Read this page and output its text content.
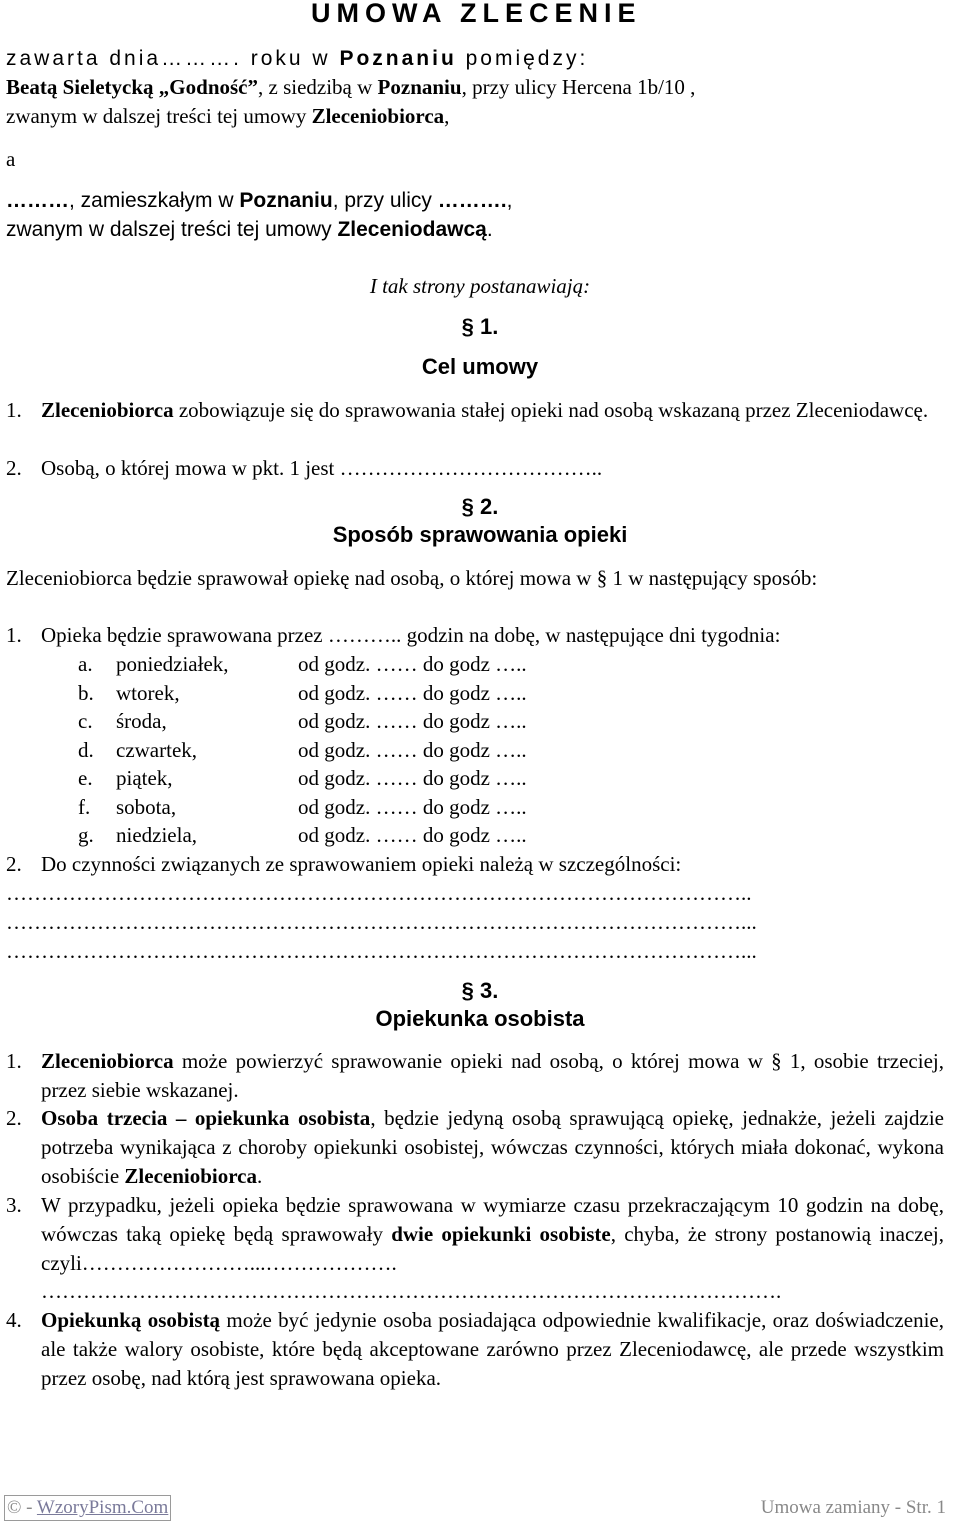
UMOWA ZLECENIE
zawarta dnia………. roku w Poznaniu pomiędzy:
Beatą Sieletycką „Godność”, z siedzibą w Poznaniu, przy ulicy Hercena 1b/10 ,
zwanym w dalszej treści tej umowy Zleceniobiorca,
a
………, zamieszkałym w Poznaniu, przy ulicy ……….,
zwanym w dalszej treści tej umowy Zleceniodawcą.
I tak strony postanawiają:
§ 1.
Cel umowy
1. Zleceniobiorca zobowiązuje się do sprawowania stałej opieki nad osobą wskazaną przez Zleceniodawcę.
2. Osobą, o której mowa w pkt. 1 jest ………………………………..
§ 2.
Sposób sprawowania opieki
Zleceniobiorca będzie sprawował opiekę nad osobą, o której mowa w § 1 w następujący sposób:
1. Opieka będzie sprawowana przez ……….. godzin na dobę, w następujące dni tygodnia:
a. poniedziałek,	od godz. …… do godz …..
b. wtorek,	od godz. …… do godz …..
c. środa,	od godz. …… do godz …..
d. czwartek,	od godz. …… do godz …..
e. piątek,	od godz. …… do godz …..
f. sobota,	od godz. …… do godz …..
g. niedziela,	od godz. …… do godz …..
2. Do czynności związanych ze sprawowaniem opieki należą w szczególności:
……………………………………………………………………………………………..
……………………………………………………………………………………………...
……………………………………………………………………………………………...
§ 3.
Opiekunka osobista
1. Zleceniobiorca może powierzyć sprawowanie opieki nad osobą, o której mowa w § 1, osobie trzeciej, przez siebie wskazanej.
2. Osoba trzecia – opiekunka osobista, będzie jedyną osobą sprawującą opiekę, jednakże, jeżeli zajdzie potrzeba wynikająca z choroby opiekunki osobistej, wówczas czynności, których miała dokonać, wykona osobiście Zleceniobiorca.
3. W przypadku, jeżeli opieka będzie sprawowana w wymiarze czasu przekraczającym 10 godzin na dobę, wówczas taką opiekę będą sprawowały dwie opiekunki osobiste, chyba, że strony postanowią inaczej, czyli……………………...……………….
…………………………………………………………………………………………….
4. Opiekunką osobistą może być jedynie osoba posiadająca odpowiednie kwalifikacje, oraz doświadczenie, ale także walory osobiste, które będą akceptowane zarówno przez Zleceniodawcę, ale przede wszystkim przez osobę, nad którą jest sprawowana opieka.
© - WzoryPism.Com	Umowa zamiany - Str. 1
